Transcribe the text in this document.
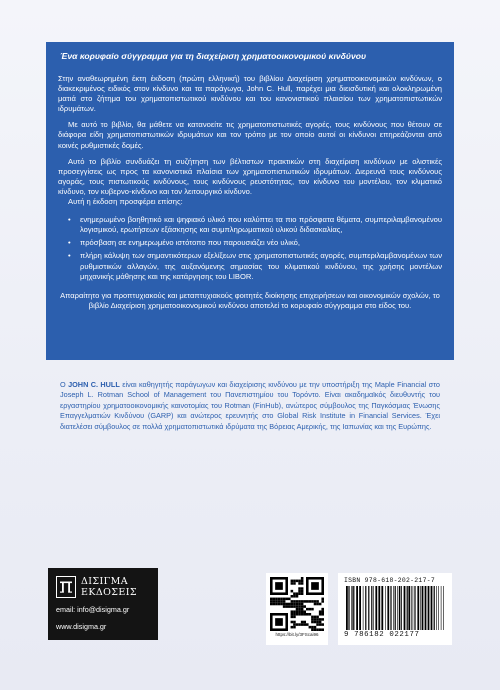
Ένα κορυφαίο σύγγραμμα για τη διαχείριση χρηματοοικονομικού κινδύνου

Στην αναθεωρημένη έκτη έκδοση (πρώτη ελληνική) του βιβλίου Διαχείριση χρηματοοικονομικών κινδύνων, ο διακεκριμένος ειδικός στον κίνδυνο και τα παράγωγα, John C. Hull, παρέχει μια διεισδυτική και ολοκληρωμένη ματιά στο ζήτημα του χρηματοπιστωτικού κινδύνου και του κανονιστικού πλαισίου των χρηματοπιστωτικών ιδρυμάτων.

Με αυτό το βιβλίο, θα μάθετε να κατανοείτε τις χρηματοπιστωτικές αγορές, τους κινδύνους που θέτουν σε διάφορα είδη χρηματοπιστωτικών ιδρυμάτων και τον τρόπο με τον οποίο αυτοί οι κίνδυνοι επηρεάζονται από κοινές ρυθμιστικές δομές.

Αυτό το βιβλίο συνδυάζει τη συζήτηση των βέλτιστων πρακτικών στη διαχείριση κινδύνων με ολιστικές προσεγγίσεις ως προς τα κανονιστικά πλαίσια των χρηματοπιστωτικών ιδρυμάτων. Διερευνά τους κινδύνους αγοράς, τους πιστωτικούς κινδύνους, τους κινδύνους ρευστότητας, τον κίνδυνο του μοντέλου, τον κλιματικό κίνδυνο, τον κυβερνο-κίνδυνο και τον λειτουργικό κίνδυνο.

Αυτή η έκδοση προσφέρει επίσης:

• ενημερωμένο βοηθητικό και ψηφιακό υλικό που καλύπτει τα πιο πρόσφατα θέματα, συμπεριλαμβανομένου λογισμικού, ερωτήσεων εξάσκησης και συμπληρωματικού υλικού διδασκαλίας,
• πρόσβαση σε ενημερωμένο ιστότοπο που παρουσιάζει νέο υλικό,
• πλήρη κάλυψη των σημαντικότερων εξελίξεων στις χρηματοπιστωτικές αγορές, συμπεριλαμβανομένων των ρυθμιστικών αλλαγών, της αυξανόμενης σημασίας του κλιματικού κινδύνου, της χρήσης μοντέλων μηχανικής μάθησης και της κατάργησης του LIBOR.

Απαραίτητο για προπτυχιακούς και μεταπτυχιακούς φοιτητές διοίκησης επιχειρήσεων και οικονομικών σχολών, το βιβλίο Διαχείριση χρηματοοικονομικού κινδύνου αποτελεί το κορυφαίο σύγγραμμα στο είδος του.

Ο JOHN C. HULL είναι καθηγητής παράγωγων και διαχείρισης κινδύνου με την υποστήριξη της Maple Financial στο Joseph L. Rotman School of Management του Πανεπιστημίου του Τορόντο. Είναι ακαδημαϊκός διευθυντής του εργαστηρίου χρηματοοικονομικής καινοτομίας του Rotman (FinHub), ανώτερος σύμβουλος της Παγκόσμιας Ένωσης Επαγγελματιών Κινδύνου (GARP) και ανώτερος ερευνητής στο Global Risk Institute in Financial Services. Έχει διατελέσει σύμβουλος σε πολλά χρηματοπιστωτικά ιδρύματα της Βόρειας Αμερικής, της Ιαπωνίας και της Ευρώπης.
ΔΙΣΙΓΜΑ
ΕΚΔΟΣΕΙΣ
email: info@disigma.gr
www.disigma.gr
https://bit.ly/3FScai96
ISBN 978-618-202-217-7
9 786182 022177
